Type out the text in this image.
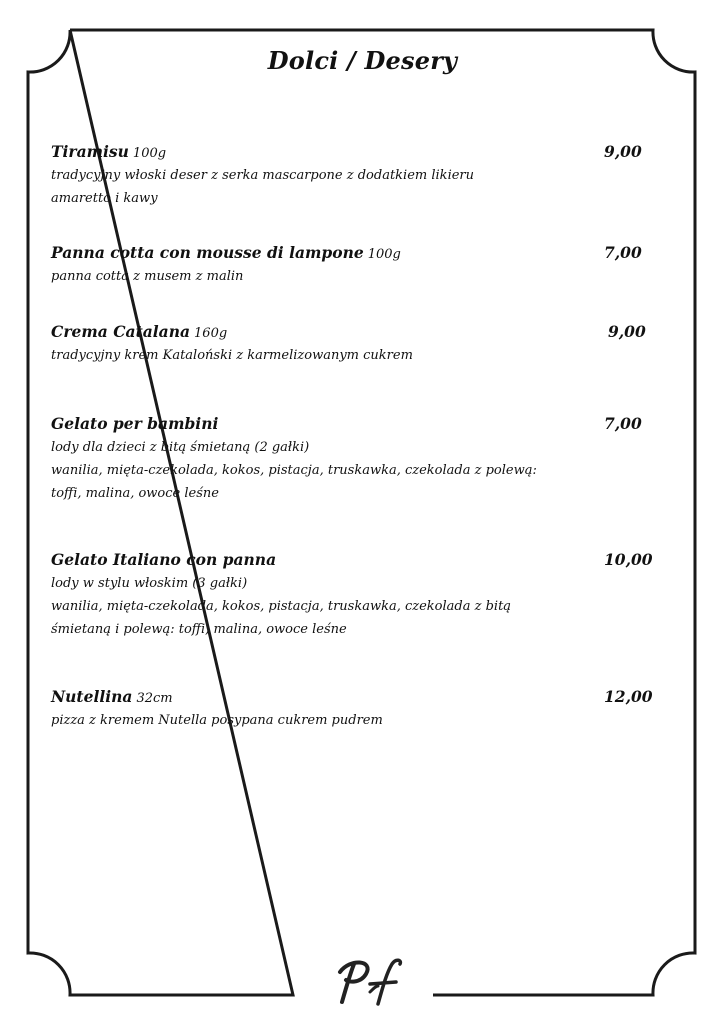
Dolci / Desery
Tiramisu 100g	9,00
tradycyjny włoski deser z serka mascarpone z dodatkiem likieru
amaretto i kawy
Panna cotta con mousse di lampone 100g	7,00
panna cotta z musem z malin
Crema Catalana 160g	9,00
tradycyjny krem Kataloński z karmelizowanym cukrem
Gelato per bambini	7,00
lody dla dzieci z bitą śmietaną (2 gałki)
wanilia, mięta-czekolada, kokos, pistacja, truskawka, czekolada z polewą:
toffi, malina, owoce leśne
Gelato Italiano con panna	10,00
lody w stylu włoskim (3 gałki)
wanilia, mięta-czekolada, kokos, pistacja, truskawka, czekolada z bitą
śmietaną i polewą: toffi, malina, owoce leśne
Nutellina 32cm	12,00
pizza z kremem Nutella posypana cukrem pudrem
